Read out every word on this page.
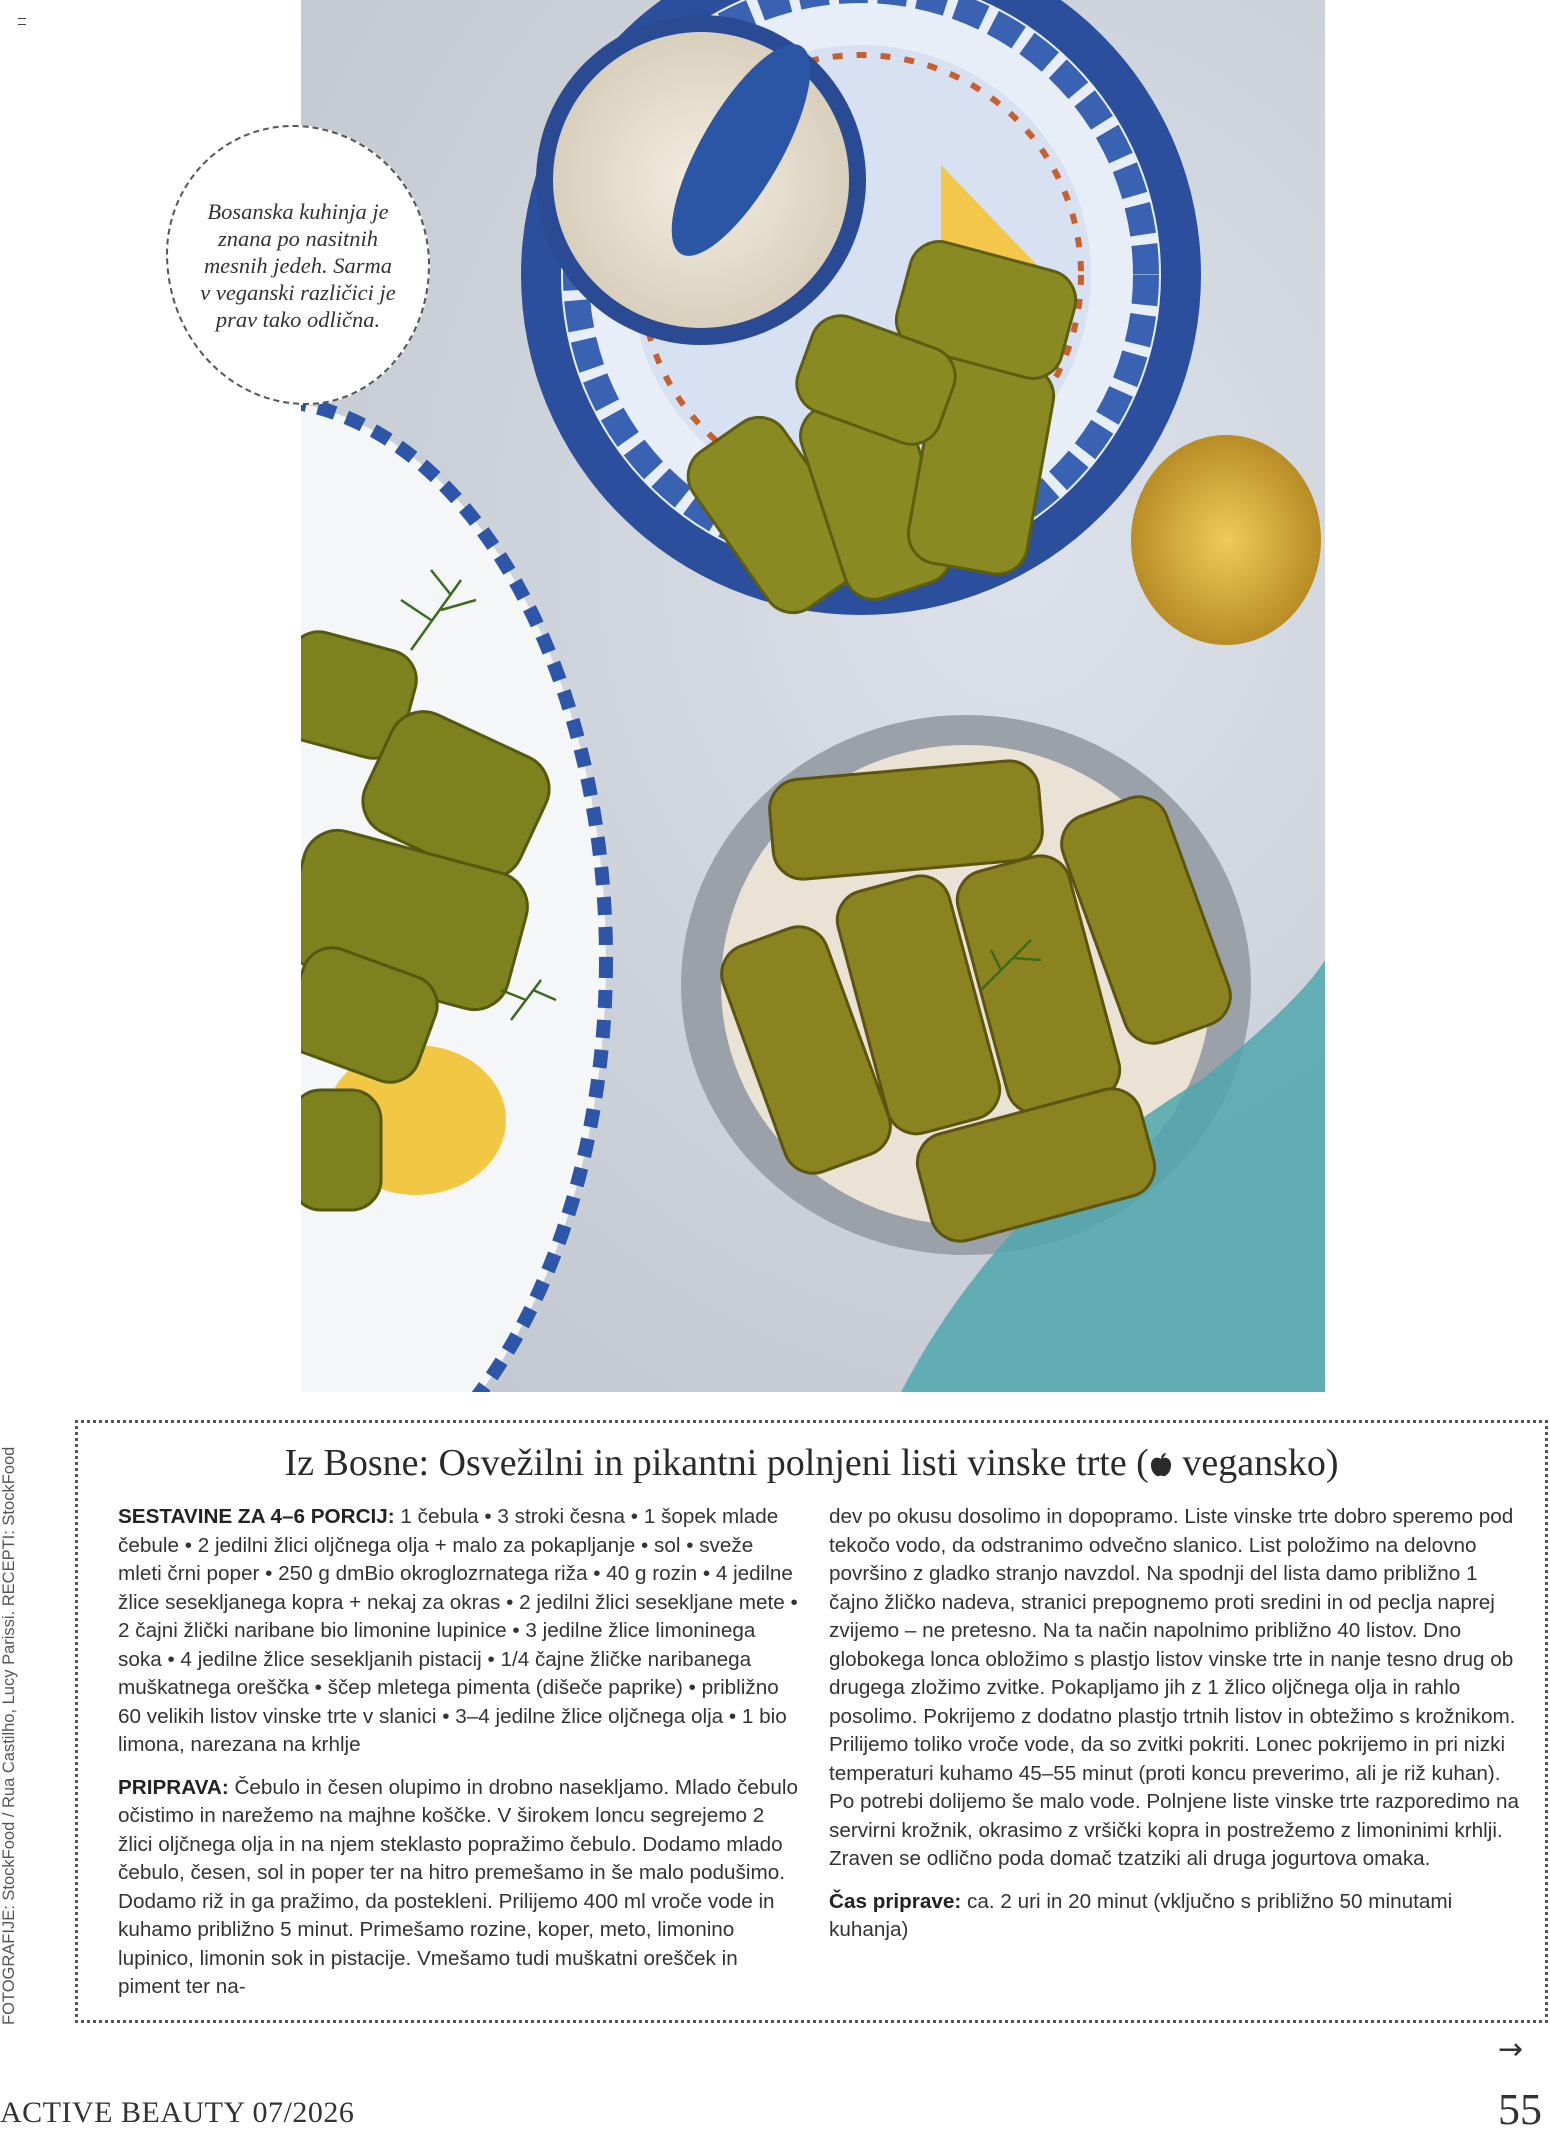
Bosanska kuhinja je znana po nasitnih mesnih jedeh. Sarma v veganski različici je prav tako odlična.

FOTOGRAFIJE: StockFood / Rua Castilho, Lucy Parissi. RECEPTI: StockFood	Iz Bosne: Osvežilni in pikantni polnjeni listi vinske trte ( vegansko)

SESTAVINE ZA 4–6 PORCIJ: 1 čebula • 3 stroki česna • 1 šopek mlade čebule • 2 jedilni žlici oljčnega olja + malo za pokapljanje • sol • sveže mleti črni poper • 250 g dmBio okroglozrnatega riža • 40 g rozin • 4 jedilne žlice sesekljanega kopra + nekaj za okras • 2 jedilni žlici sesekljane mete • 2 čajni žlički naribane bio limonine lupinice • 3 jedilne žlice limoninega soka • 4 jedilne žlice sesekljanih pistacij • 1/4 čajne žličke naribanega muškatnega oreščka • ščep mletega pimenta (dišeče paprike) • približno 60 velikih listov vinske trte v slanici • 3–4 jedilne žlice oljčnega olja • 1 bio limona, narezana na krhlje

PRIPRAVA: Čebulo in česen olupimo in drobno nasekljamo. Mlado čebulo očistimo in narežemo na majhne koščke. V širokem loncu segrejemo 2 žlici oljčnega olja in na njem steklasto popražimo čebulo. Dodamo mlado čebulo, česen, sol in poper ter na hitro premešamo in še malo podušimo. Dodamo riž in ga pražimo, da postekleni. Prilijemo 400 ml vroče vode in kuhamo približno 5 minut. Primešamo rozine, koper, meto, limonino lupinico, limonin sok in pistacije. Vmešamo tudi muškatni orešček in piment ter na-

dev po okusu dosolimo in dopopramo. Liste vinske trte dobro speremo pod tekočo vodo, da odstranimo odvečno slanico. List položimo na delovno površino z gladko stranjo navzdol. Na spodnji del lista damo približno 1 čajno žličko nadeva, stranici prepognemo proti sredini in od peclja naprej zvijemo – ne pretesno. Na ta način napolnimo približno 40 listov. Dno globokega lonca obložimo s plastjo listov vinske trte in nanje tesno drug ob drugega zložimo zvitke. Pokapljamo jih z 1 žlico oljčnega olja in rahlo posolimo. Pokrijemo z dodatno plastjo trtnih listov in obtežimo s krožnikom. Prilijemo toliko vroče vode, da so zvitki pokriti. Lonec pokrijemo in pri nizki temperaturi kuhamo 45–55 minut (proti koncu preverimo, ali je riž kuhan). Po potrebi dolijemo še malo vode. Polnjene liste vinske trte razporedimo na servirni krožnik, okrasimo z vršički kopra in postrežemo z limoninimi krhlji. Zraven se odlično poda domač tzatziki ali druga jogurtova omaka.

Čas priprave: ca. 2 uri in 20 minut (vključno s približno 50 minutami kuhanja)

→
ACTIVE BEAUTY 07/2026	55
